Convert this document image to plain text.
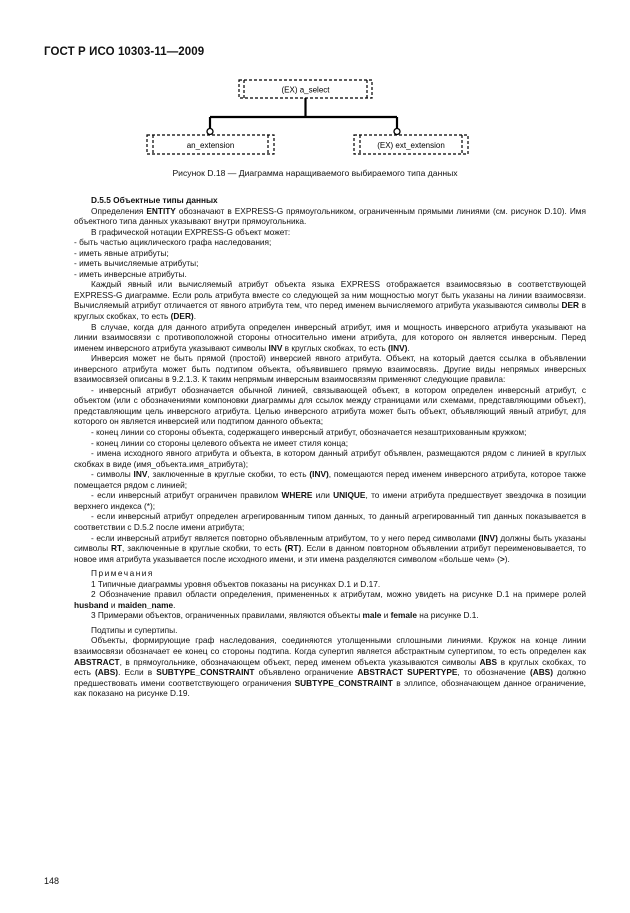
ГОСТ Р ИСО 10303-11—2009
(EX) a_select
an_extension	(EX) ext_extension
Рисунок D.18 — Диаграмма наращиваемого выбираемого типа данных

D.5.5 Объектные типы данных

Определения ENTITY обозначают в EXPRESS-G прямоугольником, ограниченным прямыми линиями (см. рисунок D.10). Имя объектного типа данных указывают внутри прямоугольника.

В графической нотации EXPRESS-G объект может:

- быть частью ациклического графа наследования;

- иметь явные атрибуты;

- иметь вычисляемые атрибуты;

- иметь инверсные атрибуты.

Каждый явный или вычисляемый атрибут объекта языка EXPRESS отображается взаимосвязью в соответствующей EXPRESS-G диаграмме. Если роль атрибута вместе со следующей за ним мощностью могут быть указаны на линии взаимосвязи. Вычисляемый атрибут отличается от явного атрибута тем, что перед именем вычисляемого атрибута указываются символы DER в круглых скобках, то есть (DER).

В случае, когда для данного атрибута определен инверсный атрибут, имя и мощность инверсного атрибута указывают на линии взаимосвязи с противоположной стороны относительно имени атрибута, для которого он является инверсным. Перед именем инверсного атрибута указывают символы INV в круглых скобках, то есть (INV).

Инверсия может не быть прямой (простой) инверсией явного атрибута. Объект, на который дается ссылка в объявлении инверсного атрибута может быть подтипом объекта, объявившего прямую взаимосвязь. Другие виды непрямых инверсных взаимосвязей описаны в 9.2.1.3. К таким непрямым инверсным взаимосвязям применяют следующие правила:

- инверсный атрибут обозначается обычной линией, связывающей объект, в котором определен инверсный атрибут, с объектом (или с обозначениями компоновки диаграммы для ссылок между страницами или схемами, представляющими объект), представляющим цель инверсного атрибута. Целью инверсного атрибута может быть объект, объявляющий явный атрибут, для которого он является инверсией или подтипом данного объекта;

- конец линии со стороны объекта, содержащего инверсный атрибут, обозначается незаштрихованным кружком;

- конец линии со стороны целевого объекта не имеет стиля конца;

- имена исходного явного атрибута и объекта, в котором данный атрибут объявлен, размещаются рядом с линией в круглых скобках в виде (имя_объекта.имя_атрибута);

- символы INV, заключенные в круглые скобки, то есть (INV), помещаются перед именем инверсного атрибута, которое также помещается рядом с линией;

- если инверсный атрибут ограничен правилом WHERE или UNIQUE, то имени атрибута предшествует звездочка в позиции верхнего индекса (*);

- если инверсный атрибут определен агрегированным типом данных, то данный агрегированный тип данных показывается в соответствии с D.5.2 после имени атрибута;

- если инверсный атрибут является повторно объявленным атрибутом, то у него перед символами (INV) должны быть указаны символы RT, заключенные в круглые скобки, то есть (RT). Если в данном повторном объявлении атрибут переименовывается, то новое имя атрибута указывается после исходного имени, и эти имена разделяются символом «больше чем» (>).

Примечания

1 Типичные диаграммы уровня объектов показаны на рисунках D.1 и D.17.

2 Обозначение правил области определения, примененных к атрибутам, можно увидеть на рисунке D.1 на примере ролей husband и maiden_name.

3 Примерами объектов, ограниченных правилами, являются объекты male и female на рисунке D.1.

Подтипы и супертипы.

Объекты, формирующие граф наследования, соединяются утолщенными сплошными линиями. Кружок на конце линии взаимосвязи обозначает ее конец со стороны подтипа. Когда супертип является абстрактным супертипом, то есть определен как ABSTRACT, в прямоугольнике, обозначающем объект, перед именем объекта указываются символы ABS в круглых скобках, то есть (ABS). Если в SUBTYPE_CONSTRAINT объявлено ограничение ABSTRACT SUPERTYPE, то обозначение (ABS) должно предшествовать имени соответствующего ограничения SUBTYPE_CONSTRAINT в эллипсе, обозначающем данное ограничение, как показано на рисунке D.19.

148
